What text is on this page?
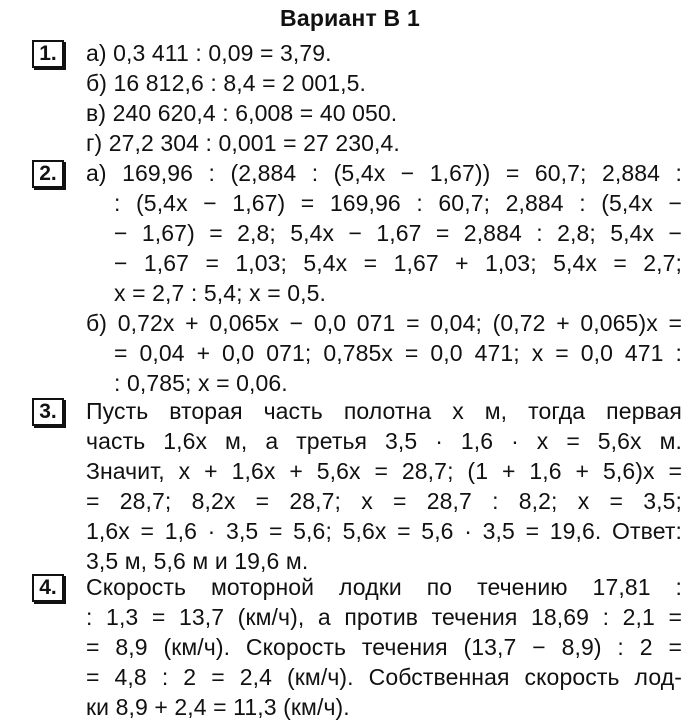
Вариант В 1
1.	а) 0,3 411 : 0,09 = 3,79.
б) 16 812,6 : 8,4 = 2 001,5.
в) 240 620,4 : 6,008 = 40 050.
г) 27,2 304 : 0,001 = 27 230,4.
2.	а) 169,96 : (2,884 : (5,4x − 1,67)) = 60,7; 2,884 :
: (5,4x − 1,67) = 169,96 : 60,7; 2,884 : (5,4x −
− 1,67) = 2,8; 5,4x − 1,67 = 2,884 : 2,8; 5,4x −
− 1,67 = 1,03; 5,4x = 1,67 + 1,03; 5,4x = 2,7;
x = 2,7 : 5,4; x = 0,5.
б) 0,72x + 0,065x − 0,0 071 = 0,04; (0,72 + 0,065)x =
= 0,04 + 0,0 071; 0,785x = 0,0 471; x = 0,0 471 :
: 0,785; x = 0,06.
3.	Пусть вторая часть полотна x м, тогда первая
часть 1,6x м, а третья 3,5 · 1,6 · x = 5,6x м.
Значит, x + 1,6x + 5,6x = 28,7; (1 + 1,6 + 5,6)x =
= 28,7; 8,2x = 28,7; x = 28,7 : 8,2; x = 3,5;
1,6x = 1,6 · 3,5 = 5,6; 5,6x = 5,6 · 3,5 = 19,6. Ответ:
3,5 м, 5,6 м и 19,6 м.
4.	Скорость моторной лодки по течению 17,81 :
: 1,3 = 13,7 (км/ч), а против течения 18,69 : 2,1 =
= 8,9 (км/ч). Скорость течения (13,7 − 8,9) : 2 =
= 4,8 : 2 = 2,4 (км/ч). Собственная скорость лод-
ки 8,9 + 2,4 = 11,3 (км/ч).
